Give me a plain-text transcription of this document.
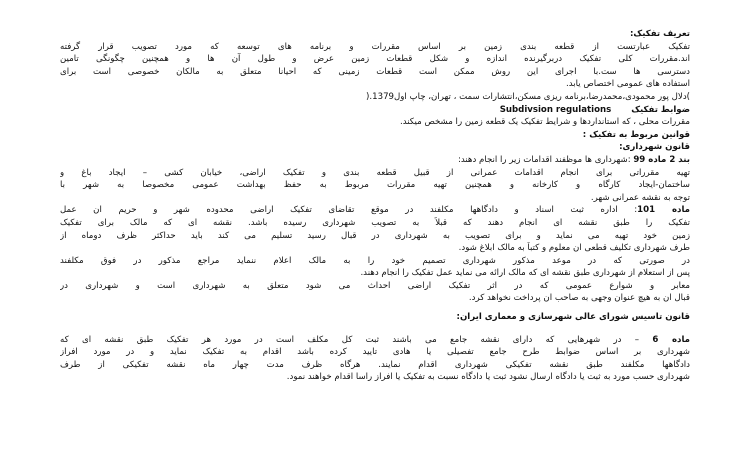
تعریف تفکیک:
تفکیک عبارتست از قطعه بندی زمین بر اساس مقررات و برنامه های توسعه که مورد تصویب قرار گرفته
اند.مقررات کلی تفکیک دربرگیرنده اندازه و شکل قطعات زمین عرض و طول آن ها و همچنین چگونگی تامین
دسترسی ها ست.با اجرای این روش ممکن است قطعات زمینی که احیانا متعلق به مالکان خصوصی است برای
استفاده های عمومی اختصاص یابد.
)دلال پور محمودی،محمدرضا،برنامه ریزی مسکن،انتشارات سمت ، تهران، چاپ اول1379.(
ضوابط تفکیک  Subdivsion regulations
مقررات محلی ، که استانداردها و شرایط تفکیک یک قطعه زمین را مشخص میکند.
قوانین مربوط به تفکیک :
قانون شهرداری:
بند 2 ماده 99 :شهرداری ها موظفند اقدامات زیر را انجام دهند:
تهیه مقرراتی برای انجام اقدامات عمرانی از قبیل قطعه بندی و تفکیک اراضی، خیابان کشی – ایجاد باغ و
ساختمان-ایجاد کارگاه و کارخانه و همچنین تهیه مقررات مربوط به حفظ بهداشت عمومی مخصوصا به شهر با
توجه به نقشه عمرانی شهر.
ماده 101: اداره ثبت اسناد و دادگاهها مکلفند در موقع تقاضای تفکیک اراضی محدوده شهر و حریم ان عمل
تفکیک را طبق نقشه ای انجام دهند که قبلاً به تصویب شهرداری رسیده باشد. نقشه ای که مالک برای تفکیک
زمین خود تهیه می نماید و برای تصویب به شهرداری در قبال رسید تسلیم می کند باید حداکثر ظرف دوماه از
طرف شهرداری تکلیف قطعی ان معلوم و کتباً به مالک ابلاغ شود.
در صورتی که در موعد مذکور شهرداری تصمیم خود را به مالک اعلام ننماید مراجع مذکور در فوق مکلفند
پس از استعلام از شهرداری طبق نقشه ای که مالک ارائه می نماید عمل تفکیک را انجام دهند.
معابر و شوارع عمومی که در اثر تفکیک اراضی احداث می شود متعلق به شهرداری است و شهرداری در
قبال ان به هیچ عنوان وجهی به صاحب ان پرداخت نخواهد کرد.
قانون تاسیس شورای عالی شهرسازی و معماری ایران:
ماده 6 – در شهرهایی که دارای نقشه جامع می باشند ثبت کل مکلف است در مورد هر تفکیک طبق نقشه ای که
شهرداری بر اساس ضوابط طرح جامع تفصیلی یا هادی تایید کرده باشد اقدام به تفکیک نماید و در مورد افراز
دادگاهها مکلفند طبق نقشه تفکیکی شهرداری اقدام نمایند. هرگاه ظرف مدت چهار ماه نقشه تفکیکی از طرف
شهرداری حسب مورد به ثبت یا دادگاه ارسال نشود ثبت یا دادگاه نسبت به تفکیک یا افراز راسا اقدام خواهند نمود.
